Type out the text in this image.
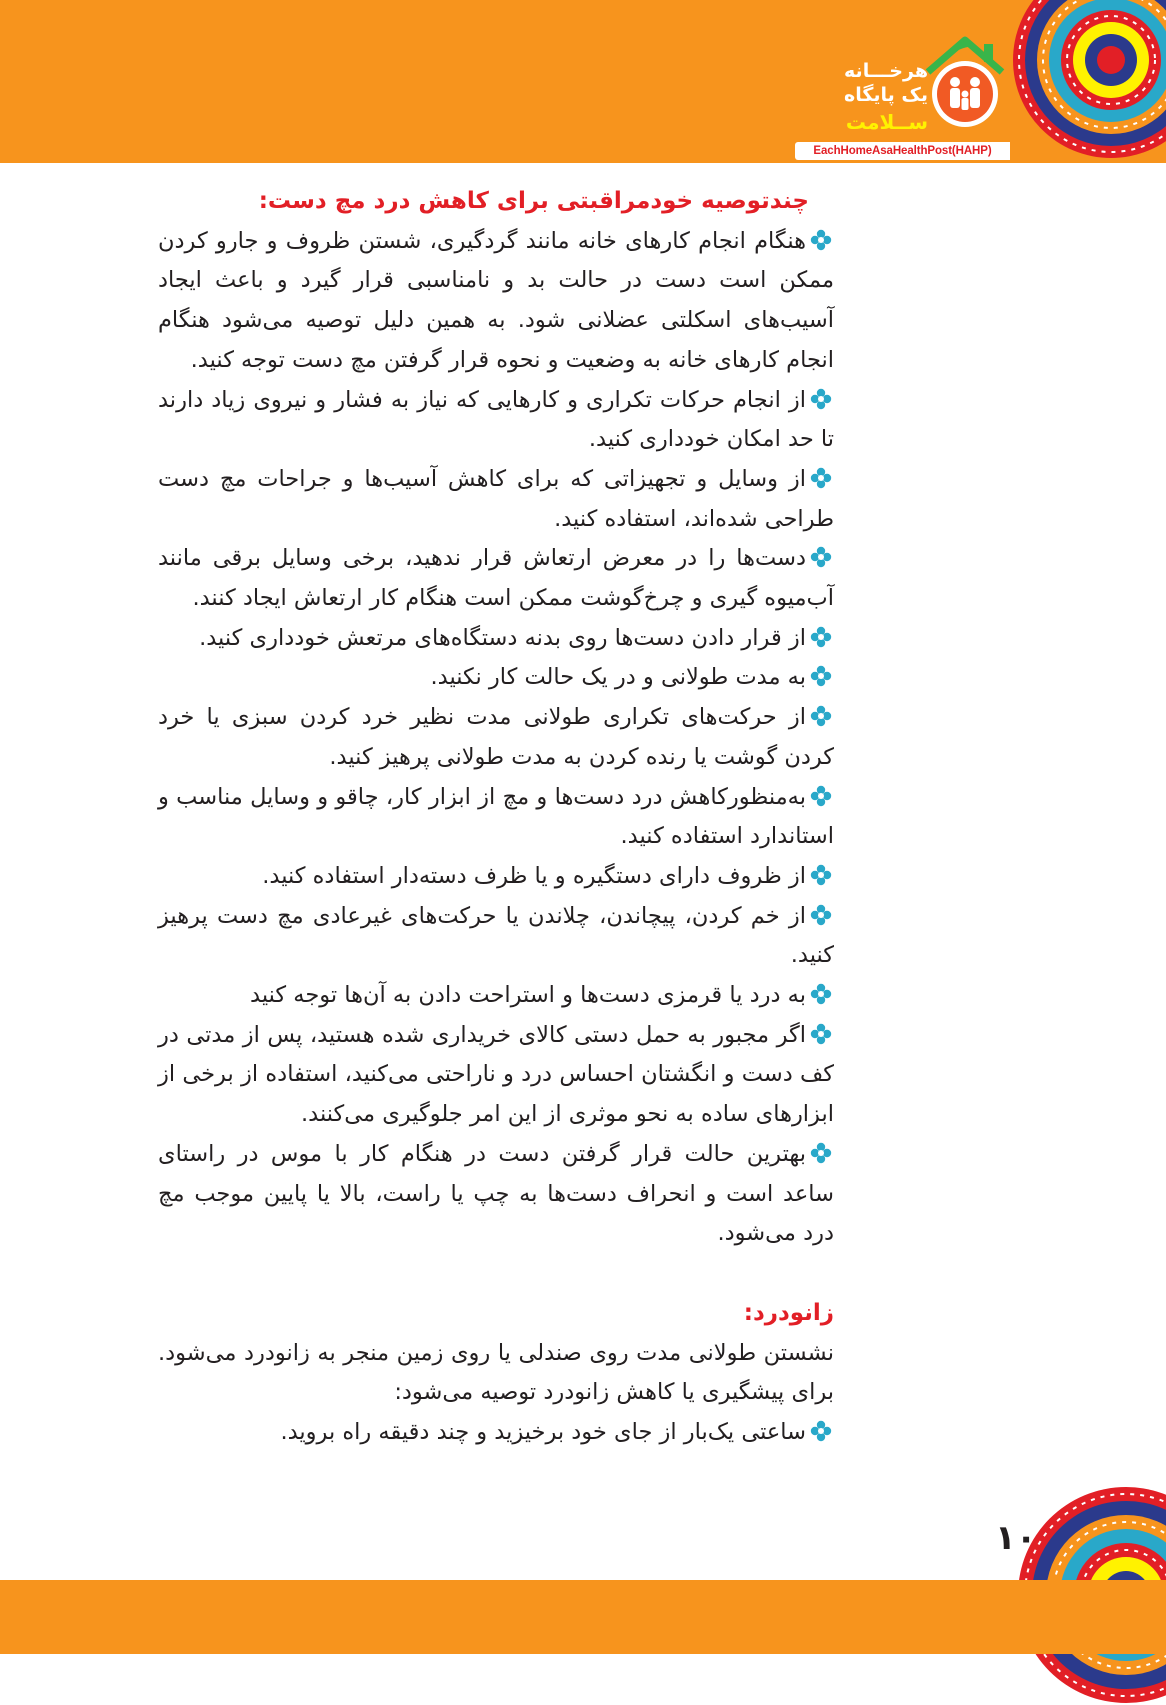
هرخـــانه
یک پایگاه
ســلامت
EachHomeAsaHealthPost(HAHP)
چندتوصیه خودمراقبتی برای کاهش درد مچ دست:

هنگام انجام کارهای خانه مانند گردگیری، شستن ظروف و جارو کردن ممکن است دست در حالت بد و نامناسبی قرار گیرد و باعث ایجاد آسیب‌های اسکلتی عضلانی شود. به همین دلیل توصیه می‌شود هنگام انجام کارهای خانه به وضعیت و نحوه قرار گرفتن مچ دست توجه کنید.

از انجام حرکات تکراری و کارهایی که نیاز به فشار و نیروی زیاد دارند تا حد امکان خودداری کنید.

از وسایل و تجهیزاتی که برای کاهش آسیب‌ها و جراحات مچ دست طراحی شده‌اند، استفاده کنید.

دست‌ها را در معرض ارتعاش قرار ندهید، برخی وسایل برقی مانند آب‌میوه گیری و چرخ‌گوشت ممکن است هنگام کار ارتعاش ایجاد کنند.

از قرار دادن دست‌ها روی بدنه دستگاه‌های مرتعش خودداری کنید.

به مدت طولانی و در یک حالت کار نکنید.

از حرکت‌های تکراری طولانی مدت نظیر خرد کردن سبزی یا خرد کردن گوشت یا رنده کردن به مدت طولانی پرهیز کنید.

به‌منظورکاهش درد دست‌ها و مچ از ابزار کار، چاقو و وسایل مناسب و استاندارد استفاده کنید.

از ظروف دارای دستگیره و یا ظرف دسته‌دار استفاده کنید.

از خم کردن، پیچاندن، چلاندن یا حرکت‌های غیرعادی مچ دست پرهیز کنید.

به درد یا قرمزی دست‌ها و استراحت دادن به آن‌ها توجه کنید

اگر مجبور به حمل دستی کالای خریداری شده هستید، پس از مدتی در کف دست و انگشتان احساس درد و ناراحتی می‌کنید، استفاده از برخی از ابزارهای ساده به نحو موثری از این امر جلوگیری می‌کنند.

بهترین حالت قرار گرفتن دست در هنگام کار با موس در راستای ساعد است و انحراف دست‌ها به چپ یا راست، بالا یا پایین موجب مچ درد می‌شود.

زانودرد:

نشستن طولانی مدت روی صندلی یا روی زمین منجر به زانودرد می‌شود. برای پیشگیری یا کاهش زانودرد توصیه می‌شود:

ساعتی یک‌بار از جای خود برخیزید و چند دقیقه راه بروید.

۱۰
